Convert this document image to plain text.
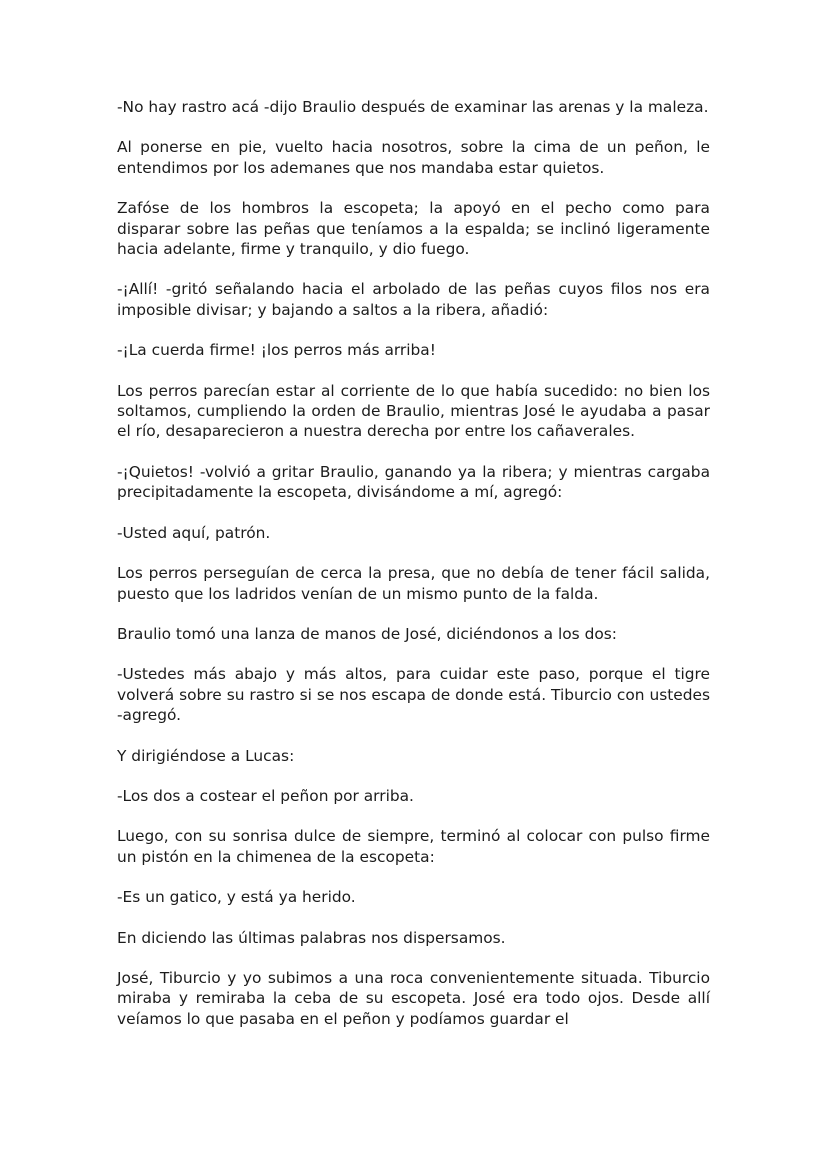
-No hay rastro acá -dijo Braulio después de examinar las arenas y la maleza.

Al ponerse en pie, vuelto hacia nosotros, sobre la cima de un peñon, le entendimos por los ademanes que nos mandaba estar quietos.

Zafóse de los hombros la escopeta; la apoyó en el pecho como para disparar sobre las peñas que teníamos a la espalda; se inclinó ligeramente hacia adelante, firme y tranquilo, y dio fuego.

-¡Allí! -gritó señalando hacia el arbolado de las peñas cuyos filos nos era imposible divisar; y bajando a saltos a la ribera, añadió:

-¡La cuerda firme! ¡los perros más arriba!

Los perros parecían estar al corriente de lo que había sucedido: no bien los soltamos, cumpliendo la orden de Braulio, mientras José le ayudaba a pasar el río, desaparecieron a nuestra derecha por entre los cañaverales.

-¡Quietos! -volvió a gritar Braulio, ganando ya la ribera; y mientras cargaba precipitadamente la escopeta, divisándome a mí, agregó:

-Usted aquí, patrón.

Los perros perseguían de cerca la presa, que no debía de tener fácil salida, puesto que los ladridos venían de un mismo punto de la falda.

Braulio tomó una lanza de manos de José, diciéndonos a los dos:

-Ustedes más abajo y más altos, para cuidar este paso, porque el tigre volverá sobre su rastro si se nos escapa de donde está. Tiburcio con ustedes -agregó.

Y dirigiéndose a Lucas:

-Los dos a costear el peñon por arriba.

Luego, con su sonrisa dulce de siempre, terminó al colocar con pulso firme un pistón en la chimenea de la escopeta:

-Es un gatico, y está ya herido.

En diciendo las últimas palabras nos dispersamos.

José, Tiburcio y yo subimos a una roca convenientemente situada. Tiburcio miraba y remiraba la ceba de su escopeta. José era todo ojos. Desde allí veíamos lo que pasaba en el peñon y podíamos guardar el
